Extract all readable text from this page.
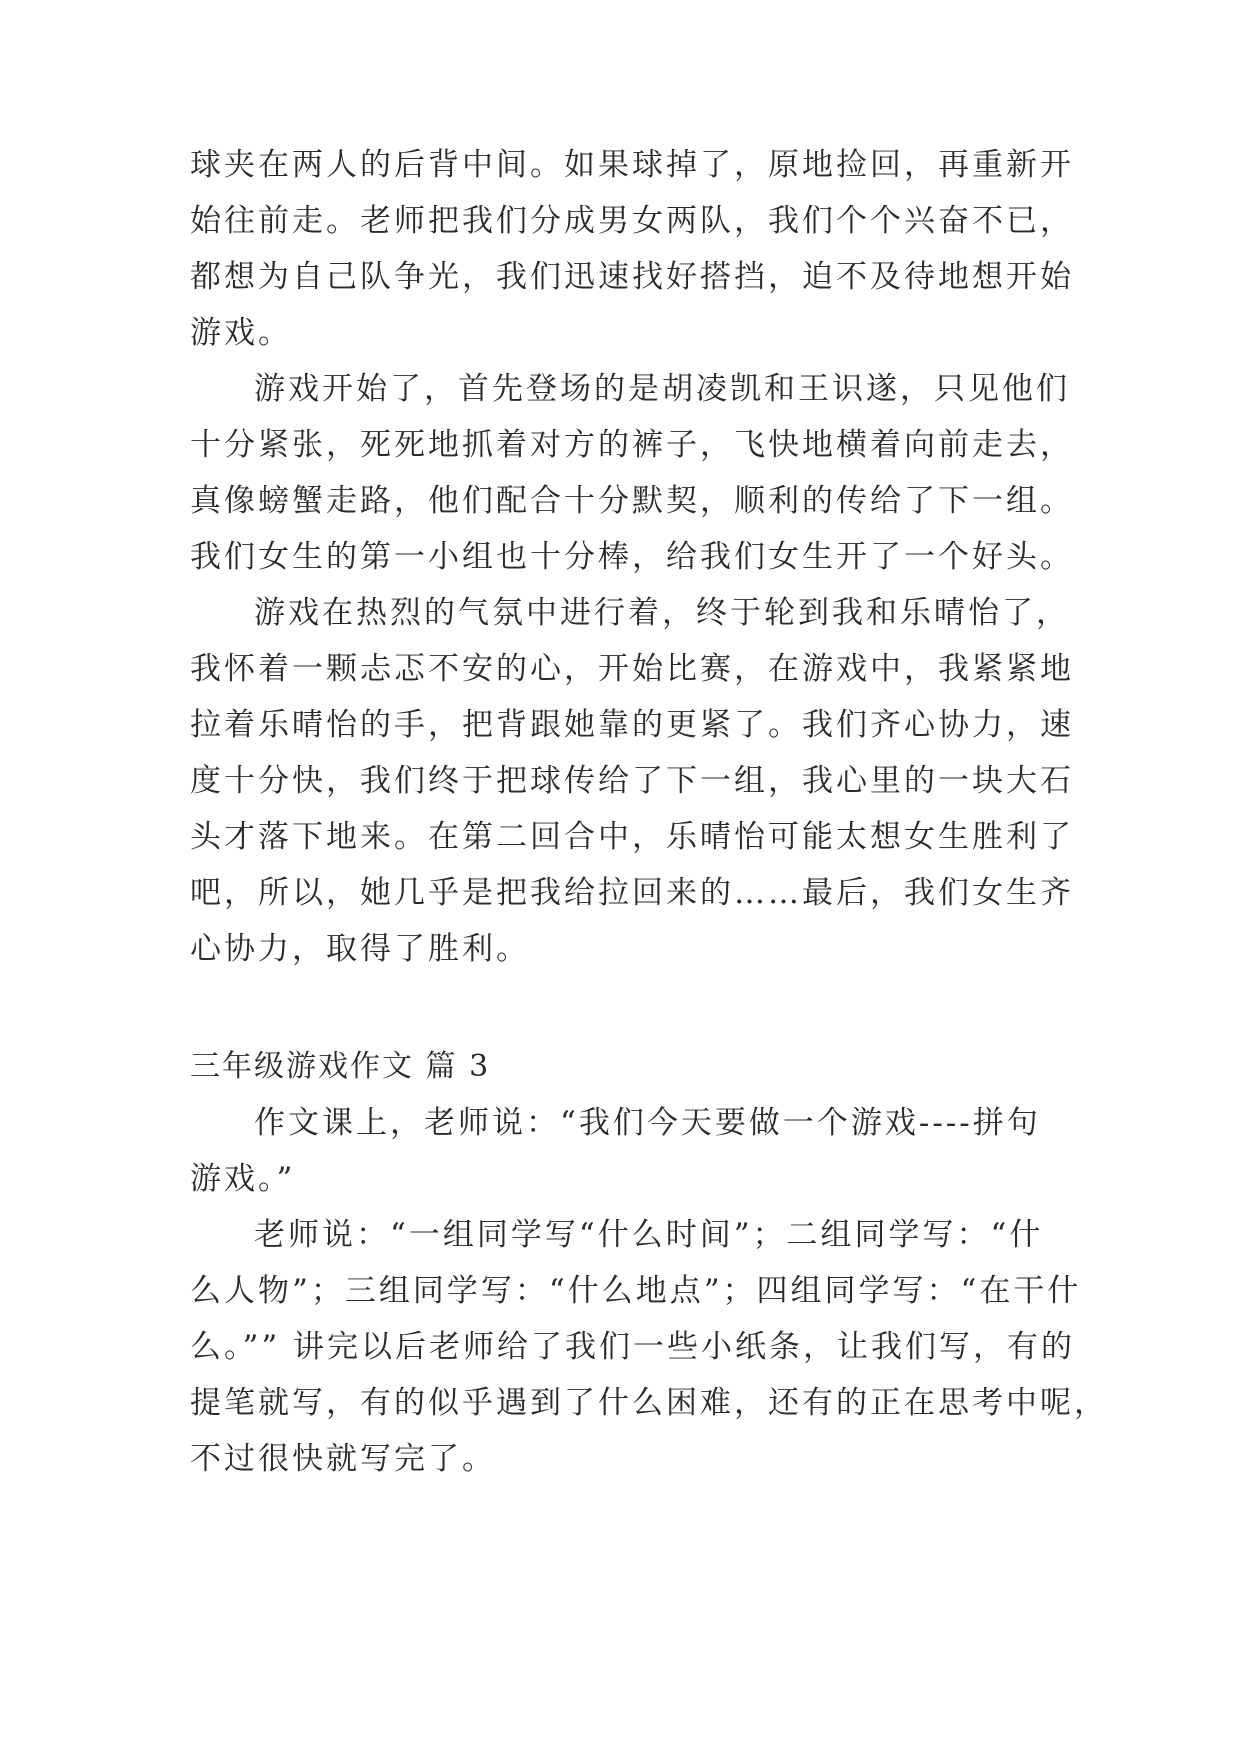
球夹在两人的后背中间。如果球掉了，原地捡回，再重新开
始往前走。老师把我们分成男女两队，我们个个兴奋不已，
都想为自己队争光，我们迅速找好搭挡，迫不及待地想开始
游戏。
游戏开始了，首先登场的是胡凌凯和王识遂，只见他们
十分紧张，死死地抓着对方的裤子，飞快地横着向前走去，
真像螃蟹走路，他们配合十分默契，顺利的传给了下一组。
我们女生的第一小组也十分棒，给我们女生开了一个好头。
游戏在热烈的气氛中进行着，终于轮到我和乐晴怡了，
我怀着一颗忐忑不安的心，开始比赛，在游戏中，我紧紧地
拉着乐晴怡的手，把背跟她靠的更紧了。我们齐心协力，速
度十分快，我们终于把球传给了下一组，我心里的一块大石
头才落下地来。在第二回合中，乐晴怡可能太想女生胜利了
吧，所以，她几乎是把我给拉回来的……最后，我们女生齐
心协力，取得了胜利。
三年级游戏作文 篇 3
作文课上，老师说：“我们今天要做一个游戏----拼句
游戏。”
老师说：“一组同学写“什么时间”；二组同学写：“什
么人物”；三组同学写：“什么地点”；四组同学写：“在干什
么。”” 讲完以后老师给了我们一些小纸条，让我们写，有的
提笔就写，有的似乎遇到了什么困难，还有的正在思考中呢，
不过很快就写完了。
